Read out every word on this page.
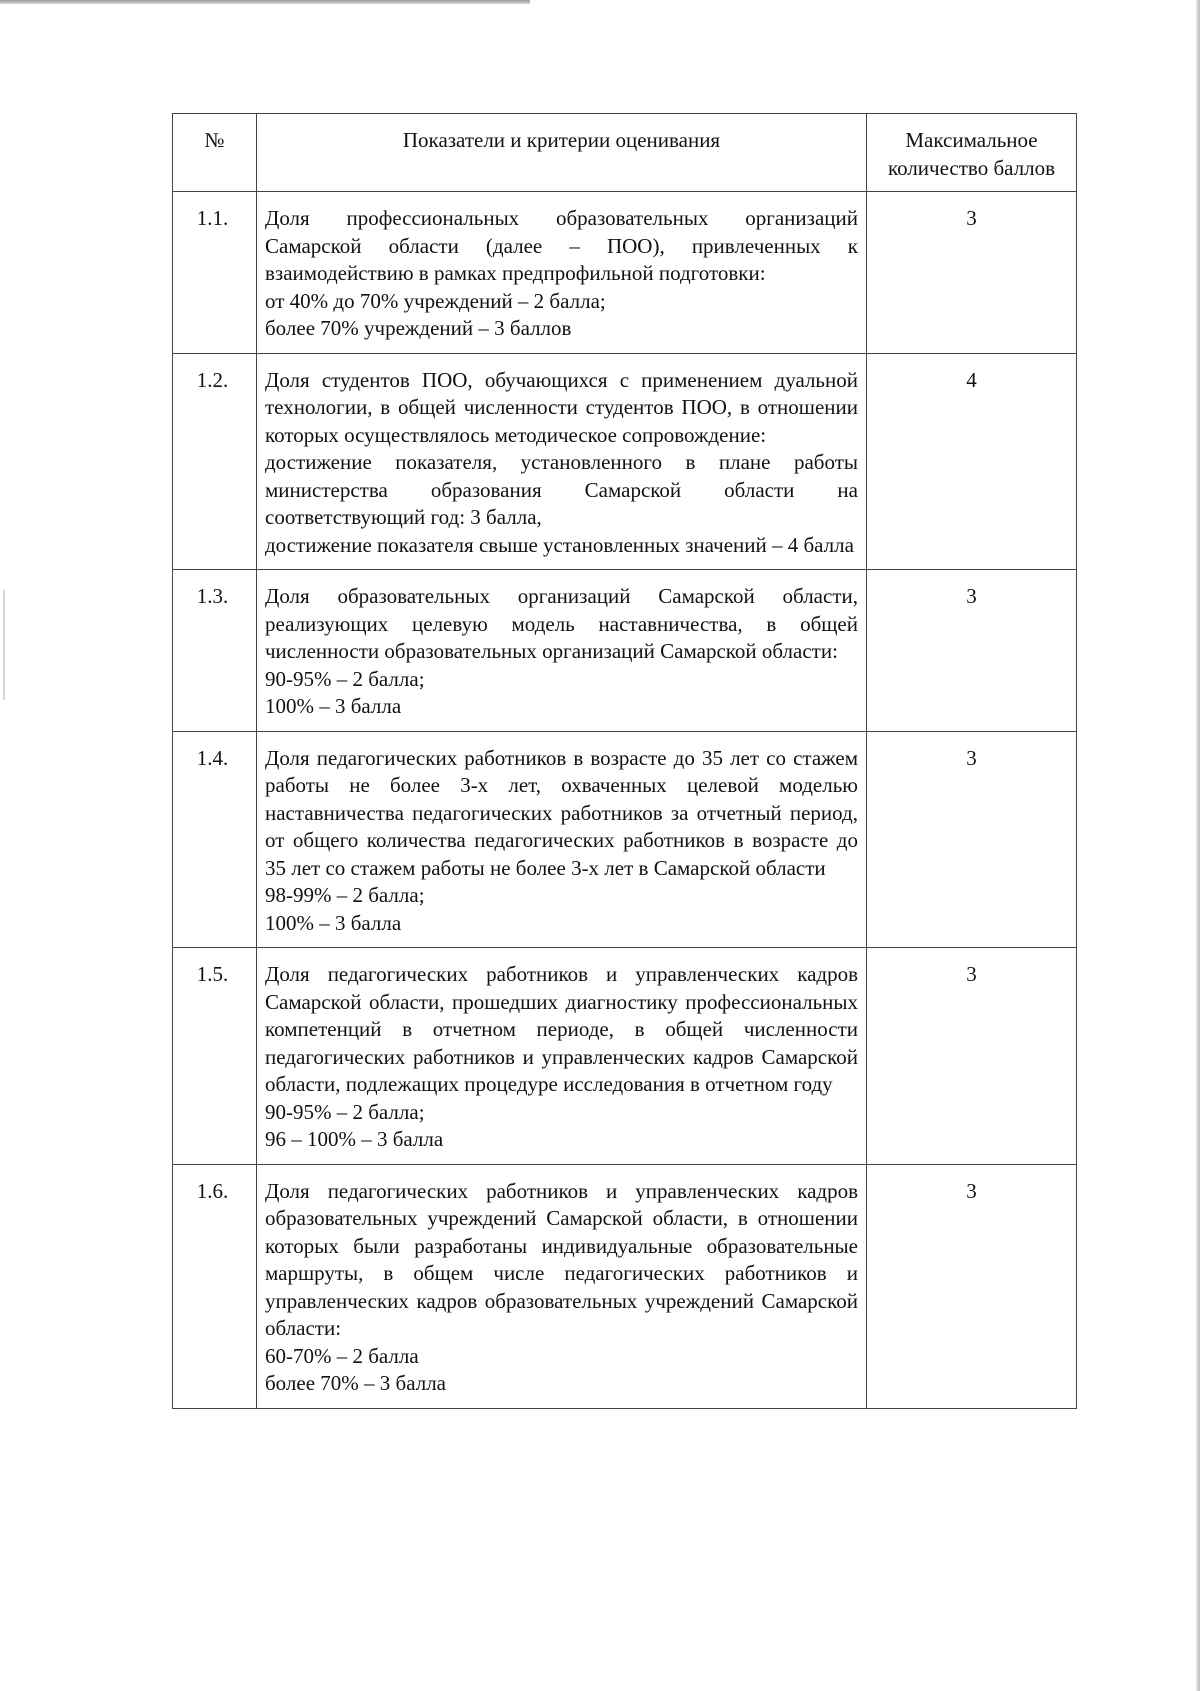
№	Показатели и критерии оценивания	Максимальное
количество баллов

1.1.	Доля профессиональных образовательных организаций Самарской области (далее – ПОО), привлеченных к взаимодействию в рамках предпрофильной подготовки:
от 40% до 70% учреждений – 2 балла;
более 70% учреждений – 3 баллов	3
1.2.	Доля студентов ПОО, обучающихся с применением дуальной технологии, в общей численности студентов ПОО, в отношении которых осуществлялось методическое сопровождение:
достижение показателя, установленного в плане работы министерства образования Самарской области на соответствующий год: 3 балла,
достижение показателя свыше установленных значений – 4 балла	4
1.3.	Доля образовательных организаций Самарской области, реализующих целевую модель наставничества, в общей численности образовательных организаций Самарской области:
90-95% – 2 балла;
100% – 3 балла	3
1.4.	Доля педагогических работников в возрасте до 35 лет со стажем работы не более 3-х лет, охваченных целевой моделью наставничества педагогических работников за отчетный период, от общего количества педагогических работников в возрасте до 35 лет со стажем работы не более 3-х лет в Самарской области
98-99% – 2 балла;
100% – 3 балла	3
1.5.	Доля педагогических работников и управленческих кадров Самарской области, прошедших диагностику профессиональных компетенций в отчетном периоде, в общей численности педагогических работников и управленческих кадров Самарской области, подлежащих процедуре исследования в отчетном году
90-95% – 2 балла;
96 – 100% – 3 балла	3
1.6.	Доля педагогических работников и управленческих кадров образовательных учреждений Самарской области, в отношении которых были разработаны индивидуальные образовательные маршруты, в общем числе педагогических работников и управленческих кадров образовательных учреждений Самарской области:
60-70% – 2 балла
более 70% – 3 балла	3
